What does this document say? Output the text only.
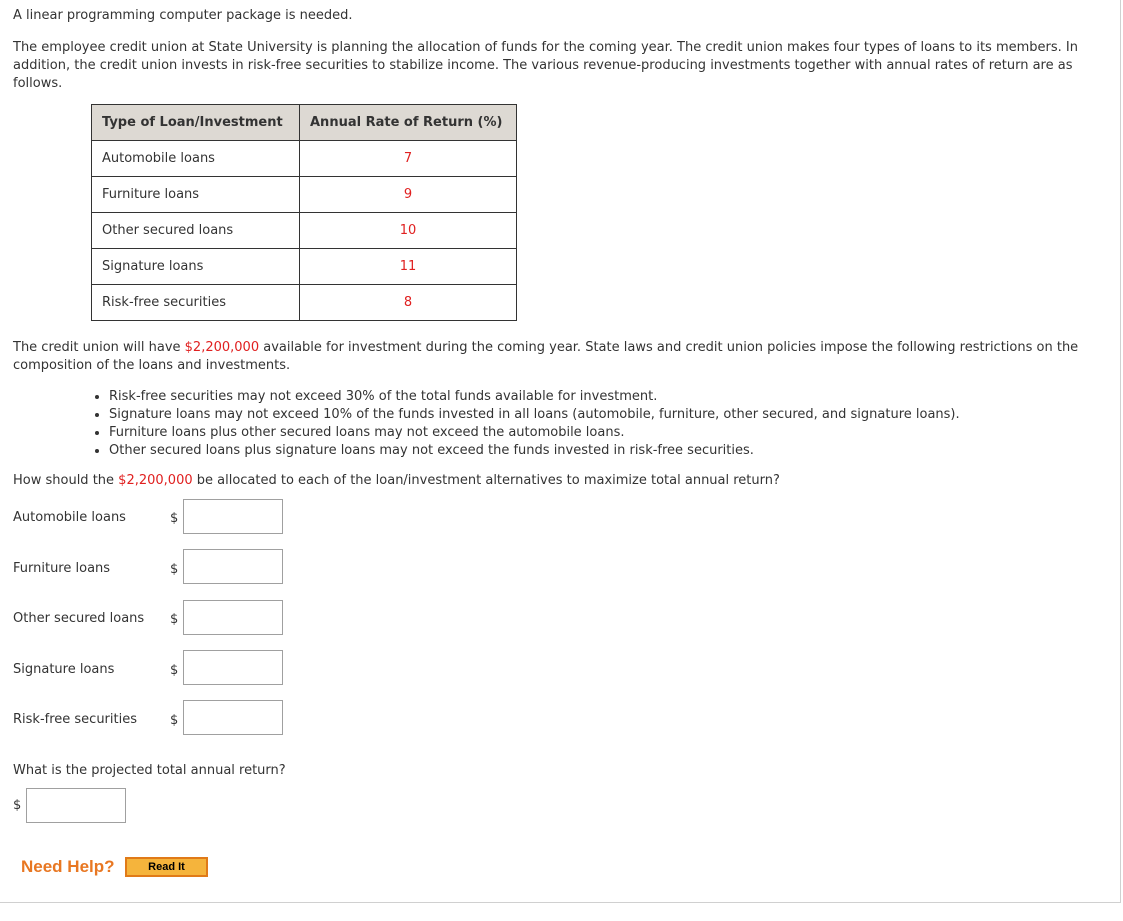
A linear programming computer package is needed.

The employee credit union at State University is planning the allocation of funds for the coming year. The credit union makes four types of loans to its members. In addition, the credit union invests in risk-free securities to stabilize income. The various revenue-producing investments together with annual rates of return are as follows.

Type of Loan/Investment	Annual Rate of Return (%)
Automobile loans	7
Furniture loans	9
Other secured loans	10
Signature loans	11
Risk-free securities	8

The credit union will have $2,200,000 available for investment during the coming year. State laws and credit union policies impose the following restrictions on the composition of the loans and investments.

• Risk-free securities may not exceed 30% of the total funds available for investment.
• Signature loans may not exceed 10% of the funds invested in all loans (automobile, furniture, other secured, and signature loans).
• Furniture loans plus other secured loans may not exceed the automobile loans.
• Other secured loans plus signature loans may not exceed the funds invested in risk-free securities.

How should the $2,200,000 be allocated to each of the loan/investment alternatives to maximize total annual return?

Automobile loans	$
Furniture loans	$
Other secured loans $
Signature loans	$
Risk-free securities	$

What is the projected total annual return?

$
Need Help?	Read It
